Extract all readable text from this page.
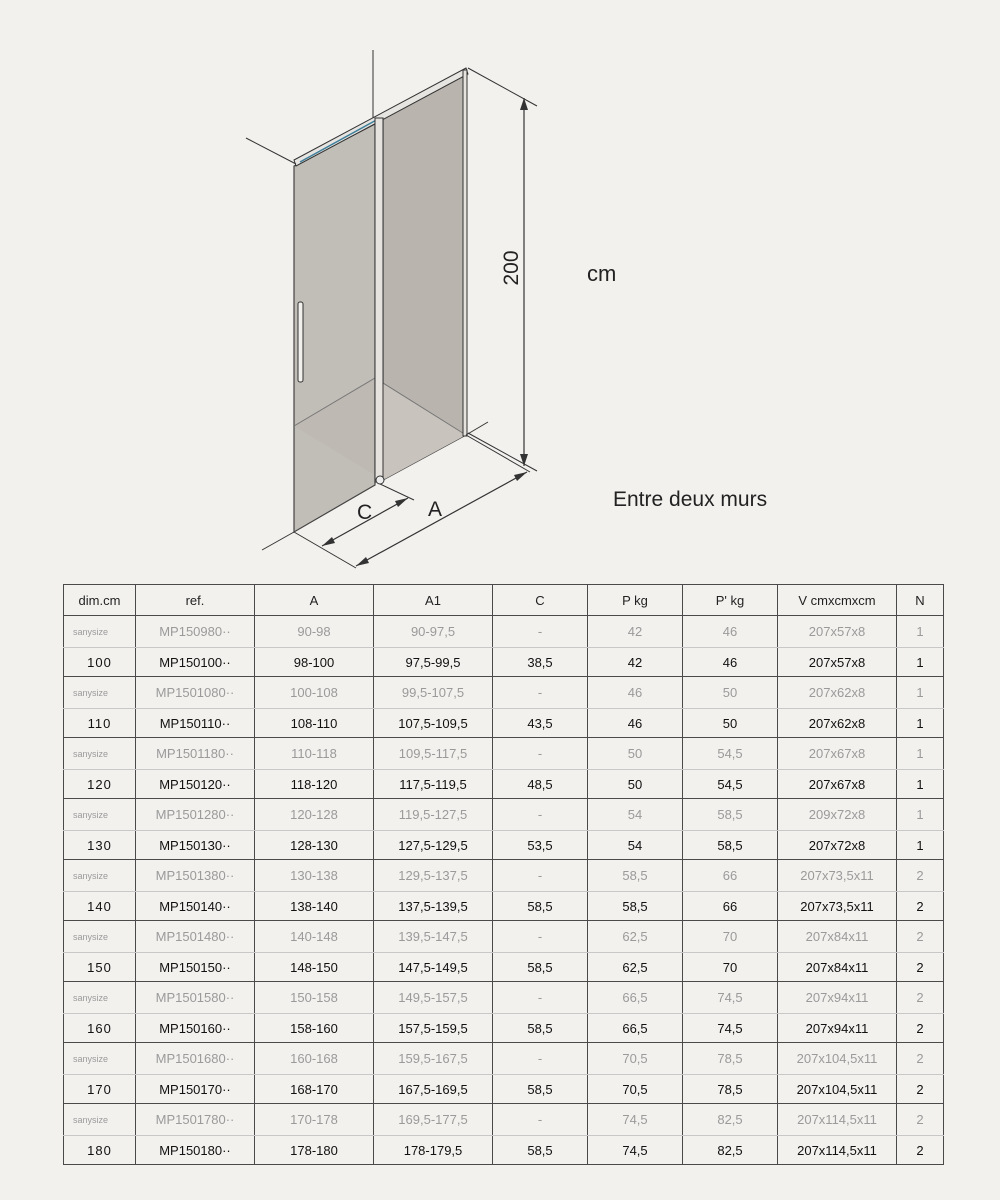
200
C	A
cm
Entre deux murs
dim.cm	ref.	A	A1	C	P kg	P' kg	V cmxcmxcm	N
sanysize	MP150980··	90-98	90-97,5	-	42	46	207x57x8	1
100	MP150100··	98-100	97,5-99,5	38,5	42	46	207x57x8	1
sanysize	MP1501080··	100-108	99,5-107,5	-	46	50	207x62x8	1
110	MP150110··	108-110	107,5-109,5	43,5	46	50	207x62x8	1
sanysize	MP1501180··	110-118	109,5-117,5	-	50	54,5	207x67x8	1
120	MP150120··	118-120	117,5-119,5	48,5	50	54,5	207x67x8	1
sanysize	MP1501280··	120-128	119,5-127,5	-	54	58,5	209x72x8	1
130	MP150130··	128-130	127,5-129,5	53,5	54	58,5	207x72x8	1
sanysize	MP1501380··	130-138	129,5-137,5	-	58,5	66	207x73,5x11	2
140	MP150140··	138-140	137,5-139,5	58,5	58,5	66	207x73,5x11	2
sanysize	MP1501480··	140-148	139,5-147,5	-	62,5	70	207x84x11	2
150	MP150150··	148-150	147,5-149,5	58,5	62,5	70	207x84x11	2
sanysize	MP1501580··	150-158	149,5-157,5	-	66,5	74,5	207x94x11	2
160	MP150160··	158-160	157,5-159,5	58,5	66,5	74,5	207x94x11	2
sanysize	MP1501680··	160-168	159,5-167,5	-	70,5	78,5	207x104,5x11	2
170	MP150170··	168-170	167,5-169,5	58,5	70,5	78,5	207x104,5x11	2
sanysize	MP1501780··	170-178	169,5-177,5	-	74,5	82,5	207x114,5x11	2
180	MP150180··	178-180	178-179,5	58,5	74,5	82,5	207x114,5x11	2
